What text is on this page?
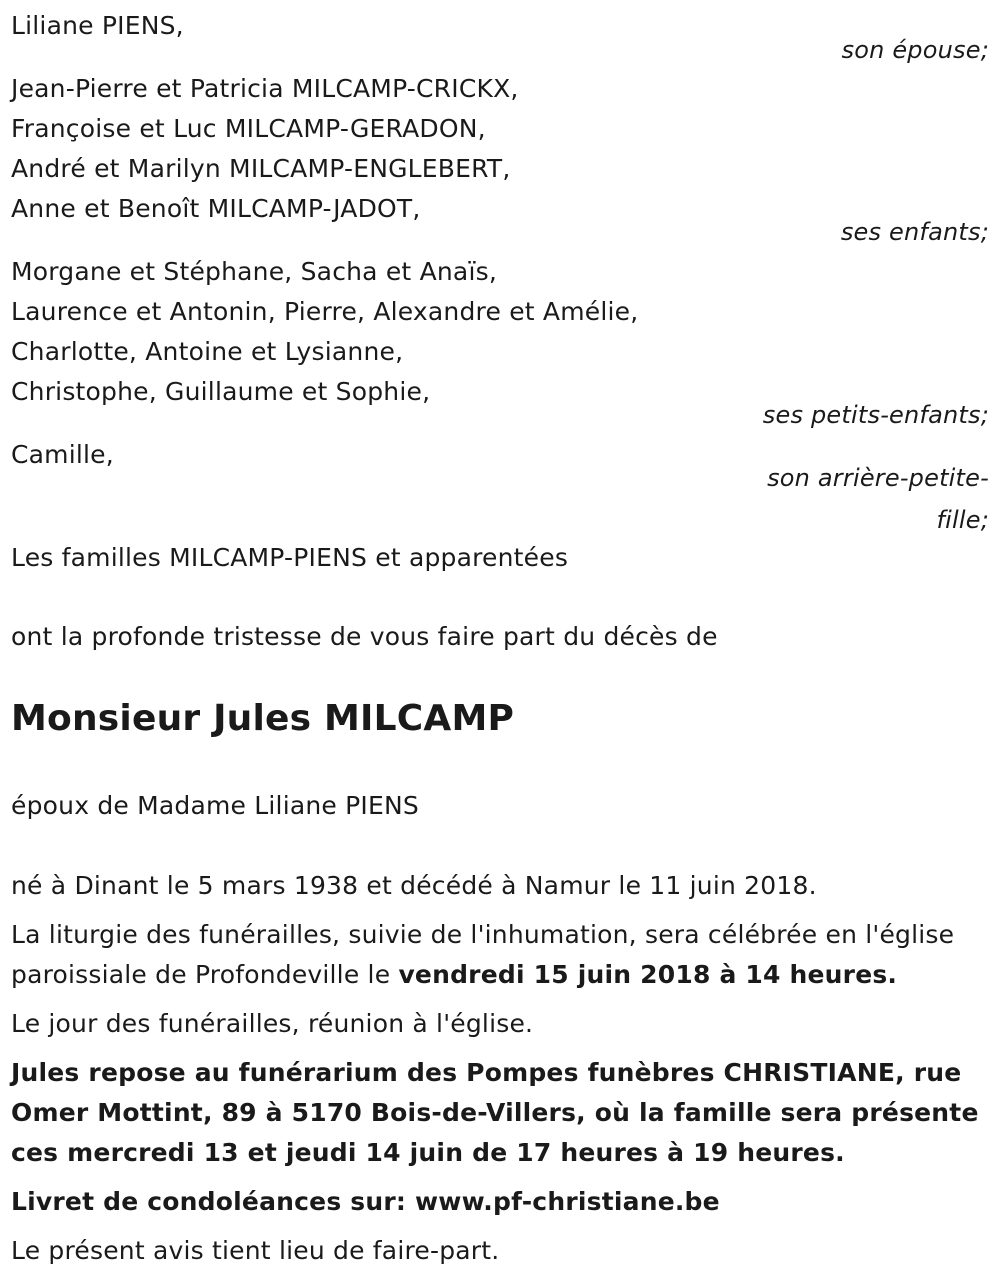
Liliane PIENS,
son épouse;
Jean-Pierre et Patricia MILCAMP-CRICKX,
Françoise et Luc MILCAMP-GERADON,
André et Marilyn MILCAMP-ENGLEBERT,
Anne et Benoît MILCAMP-JADOT,
ses enfants;
Morgane et Stéphane, Sacha et Anaïs,
Laurence et Antonin, Pierre, Alexandre et Amélie,
Charlotte, Antoine et Lysianne,
Christophe, Guillaume et Sophie,
ses petits-enfants;
Camille,
son arrière-petite-
fille;
Les familles MILCAMP-PIENS et apparentées
ont la profonde tristesse de vous faire part du décès de
Monsieur Jules MILCAMP
époux de Madame Liliane PIENS
né à Dinant le 5 mars 1938 et décédé à Namur le 11 juin 2018.
La liturgie des funérailles, suivie de l'inhumation, sera célébrée en l'église
paroissiale de Profondeville le vendredi 15 juin 2018 à 14 heures.
Le jour des funérailles, réunion à l'église.
Jules repose au funérarium des Pompes funèbres CHRISTIANE, rue
Omer Mottint, 89 à 5170 Bois-de-Villers, où la famille sera présente
ces mercredi 13 et jeudi 14 juin de 17 heures à 19 heures.
Livret de condoléances sur: www.pf-christiane.be
Le présent avis tient lieu de faire-part.
